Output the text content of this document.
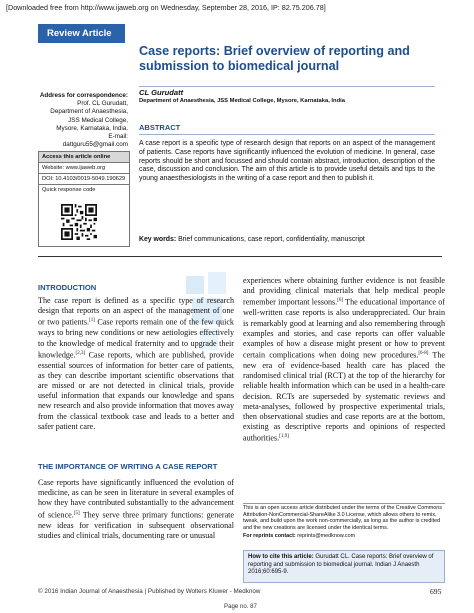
[Downloaded free from http://www.ijaweb.org on Wednesday, September 28, 2016, IP: 82.75.206.78]
Review Article
Case reports: Brief overview of reporting and
submission to biomedical journal
Address for correspondence:
Prof. CL Gurudatt,
Department of Anaesthesia,
JSS Medical College,
Mysore, Karnataka, India.
E-mail:
dattguru55@gmail.com
Access this article online
Website: www.ijaweb.org
DOI: 10.4103/0019-5049.190629
Quick response code
CL Gurudatt
Department of Anaesthesia, JSS Medical College, Mysore, Karnataka, India
ABSTRACT
A case report is a specific type of research design that reports on an aspect of the management of patients. Case reports have significantly influenced the evolution of medicine. In general, case reports should be short and focussed and should contain abstract, introduction, description of the case, discussion and conclusion. The aim of this article is to provide useful details and tips to the young anaesthesiologists in the writing of a case report and then to publish it.
Key words: Brief communications, case report, confidentiality, manuscript
INTRODUCTION
The case report is defined as a specific type of research design that reports on an aspect of the management of one or two patients.[1] Case reports remain one of the few quick ways to bring new conditions or new aetiologies effectively to the knowledge of medical fraternity and to upgrade their knowledge.[2,3] Case reports, which are published, provide essential sources of information for better care of patients, as they can describe important scientific observations that are missed or are not detected in clinical trials, provide useful information that expands our knowledge and spans new research and also provide information that moves away from the classical textbook case and leads to a better and safer patient care.
THE IMPORTANCE OF WRITING A CASE REPORT
Case reports have significantly influenced the evolution of medicine, as can be seen in literature in several examples of how they have contributed substantially to the advancement of science.[5] They serve three primary functions: generate new ideas for verification in subsequent observational studies and clinical trials, documenting rare or unusual
experiences where obtaining further evidence is not feasible and providing clinical materials that help medical people remember important lessons.[6] The educational importance of well-written case reports is also underappreciated. Our brain is remarkably good at learning and also remembering through examples and stories, and case reports can offer valuable examples of how a disease might present or how to prevent certain complications when doing new procedures.[6-8] The new era of evidence-based health care has placed the randomised clinical trial (RCT) at the top of the hierarchy for reliable health information which can be used in a health-care decision. RCTs are superseded by systematic reviews and meta-analyses, followed by prospective experimental trials, then observational studies and case reports are at the bottom, existing as descriptive reports and opinions of respected authorities.[1,9]
This is an open access article distributed under the terms of the Creative Commons Attribution-NonCommercial-ShareAlike 3.0 License, which allows others to remix, tweak, and build upon the work non-commercially, as long as the author is credited and the new creations are licensed under the identical terms.
For reprints contact: reprints@medknow.com
How to cite this article: Gurudatt CL. Case reports: Brief overview of reporting and submission to biomedical journal. Indian J Anaesth 2016;60:695-9.
© 2016 Indian Journal of Anaesthesia | Published by Wolters Kluwer - Medknow	695
Page no. 87
